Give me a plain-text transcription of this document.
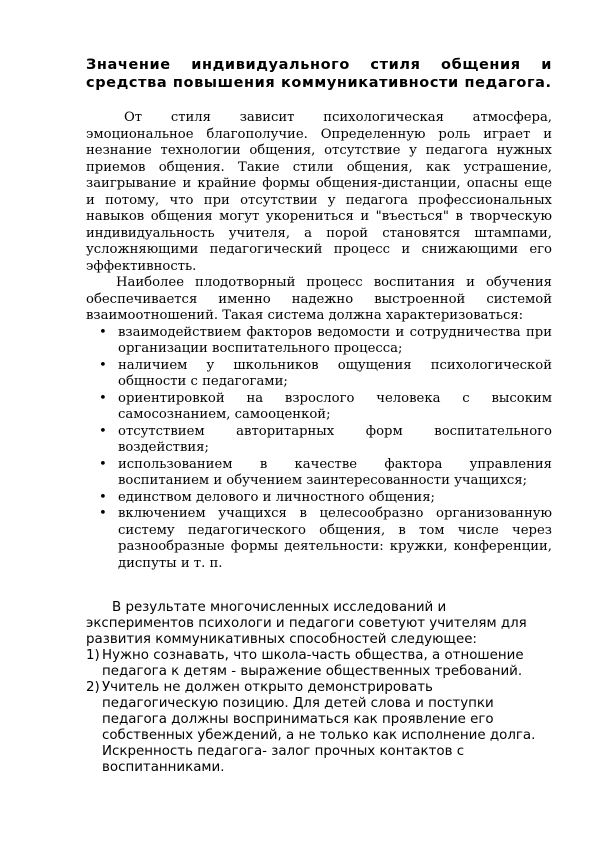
Значение индивидуального стиля общения и средства повышения коммуникативности педагога.

От стиля зависит психологическая атмосфера, эмоциональное благополучие. Определенную роль играет и незнание технологии общения, отсутствие у педагога нужных приемов общения. Такие стили общения, как устрашение, заигрывание и крайние формы общения-дистанции, опасны еще и потому, что при отсутствии у педагога профессиональных навыков общения могут укорениться и "въесться" в творческую индивидуальность учителя, а порой становятся штампами, усложняющими педагогический процесс и снижающими его эффективность.

Наиболее плодотворный процесс воспитания и обучения обеспечивается именно надежно выстроенной системой взаимоотношений. Такая система должна характеризоваться:

• взаимодействием факторов ведомости и сотрудничества при организации воспитательного процесса;
• наличием у школьников ощущения психологической общности с педагогами;
• ориентировкой на взрослого человека с высоким самосознанием, самооценкой;
• отсутствием авторитарных форм воспитательного воздействия;
• использованием в качестве фактора управления воспитанием и обучением заинтересованности учащихся;
• единством делового и личностного общения;
• включением учащихся в целесообразно организованную систему педагогического общения, в том числе через разнообразные формы деятельности: кружки, конференции, диспуты и т. п.

В результате многочисленных исследований и экспериментов психологи и педагоги советуют учителям для развития коммуникативных способностей следующее:

1) Нужно сознавать, что школа-часть общества, а отношение педагога к детям - выражение общественных требований.
2) Учитель не должен открыто демонстрировать педагогическую позицию. Для детей слова и поступки педагога должны восприниматься как проявление его собственных убеждений, а не только как исполнение долга. Искренность педагога- залог прочных контактов с воспитанниками.
